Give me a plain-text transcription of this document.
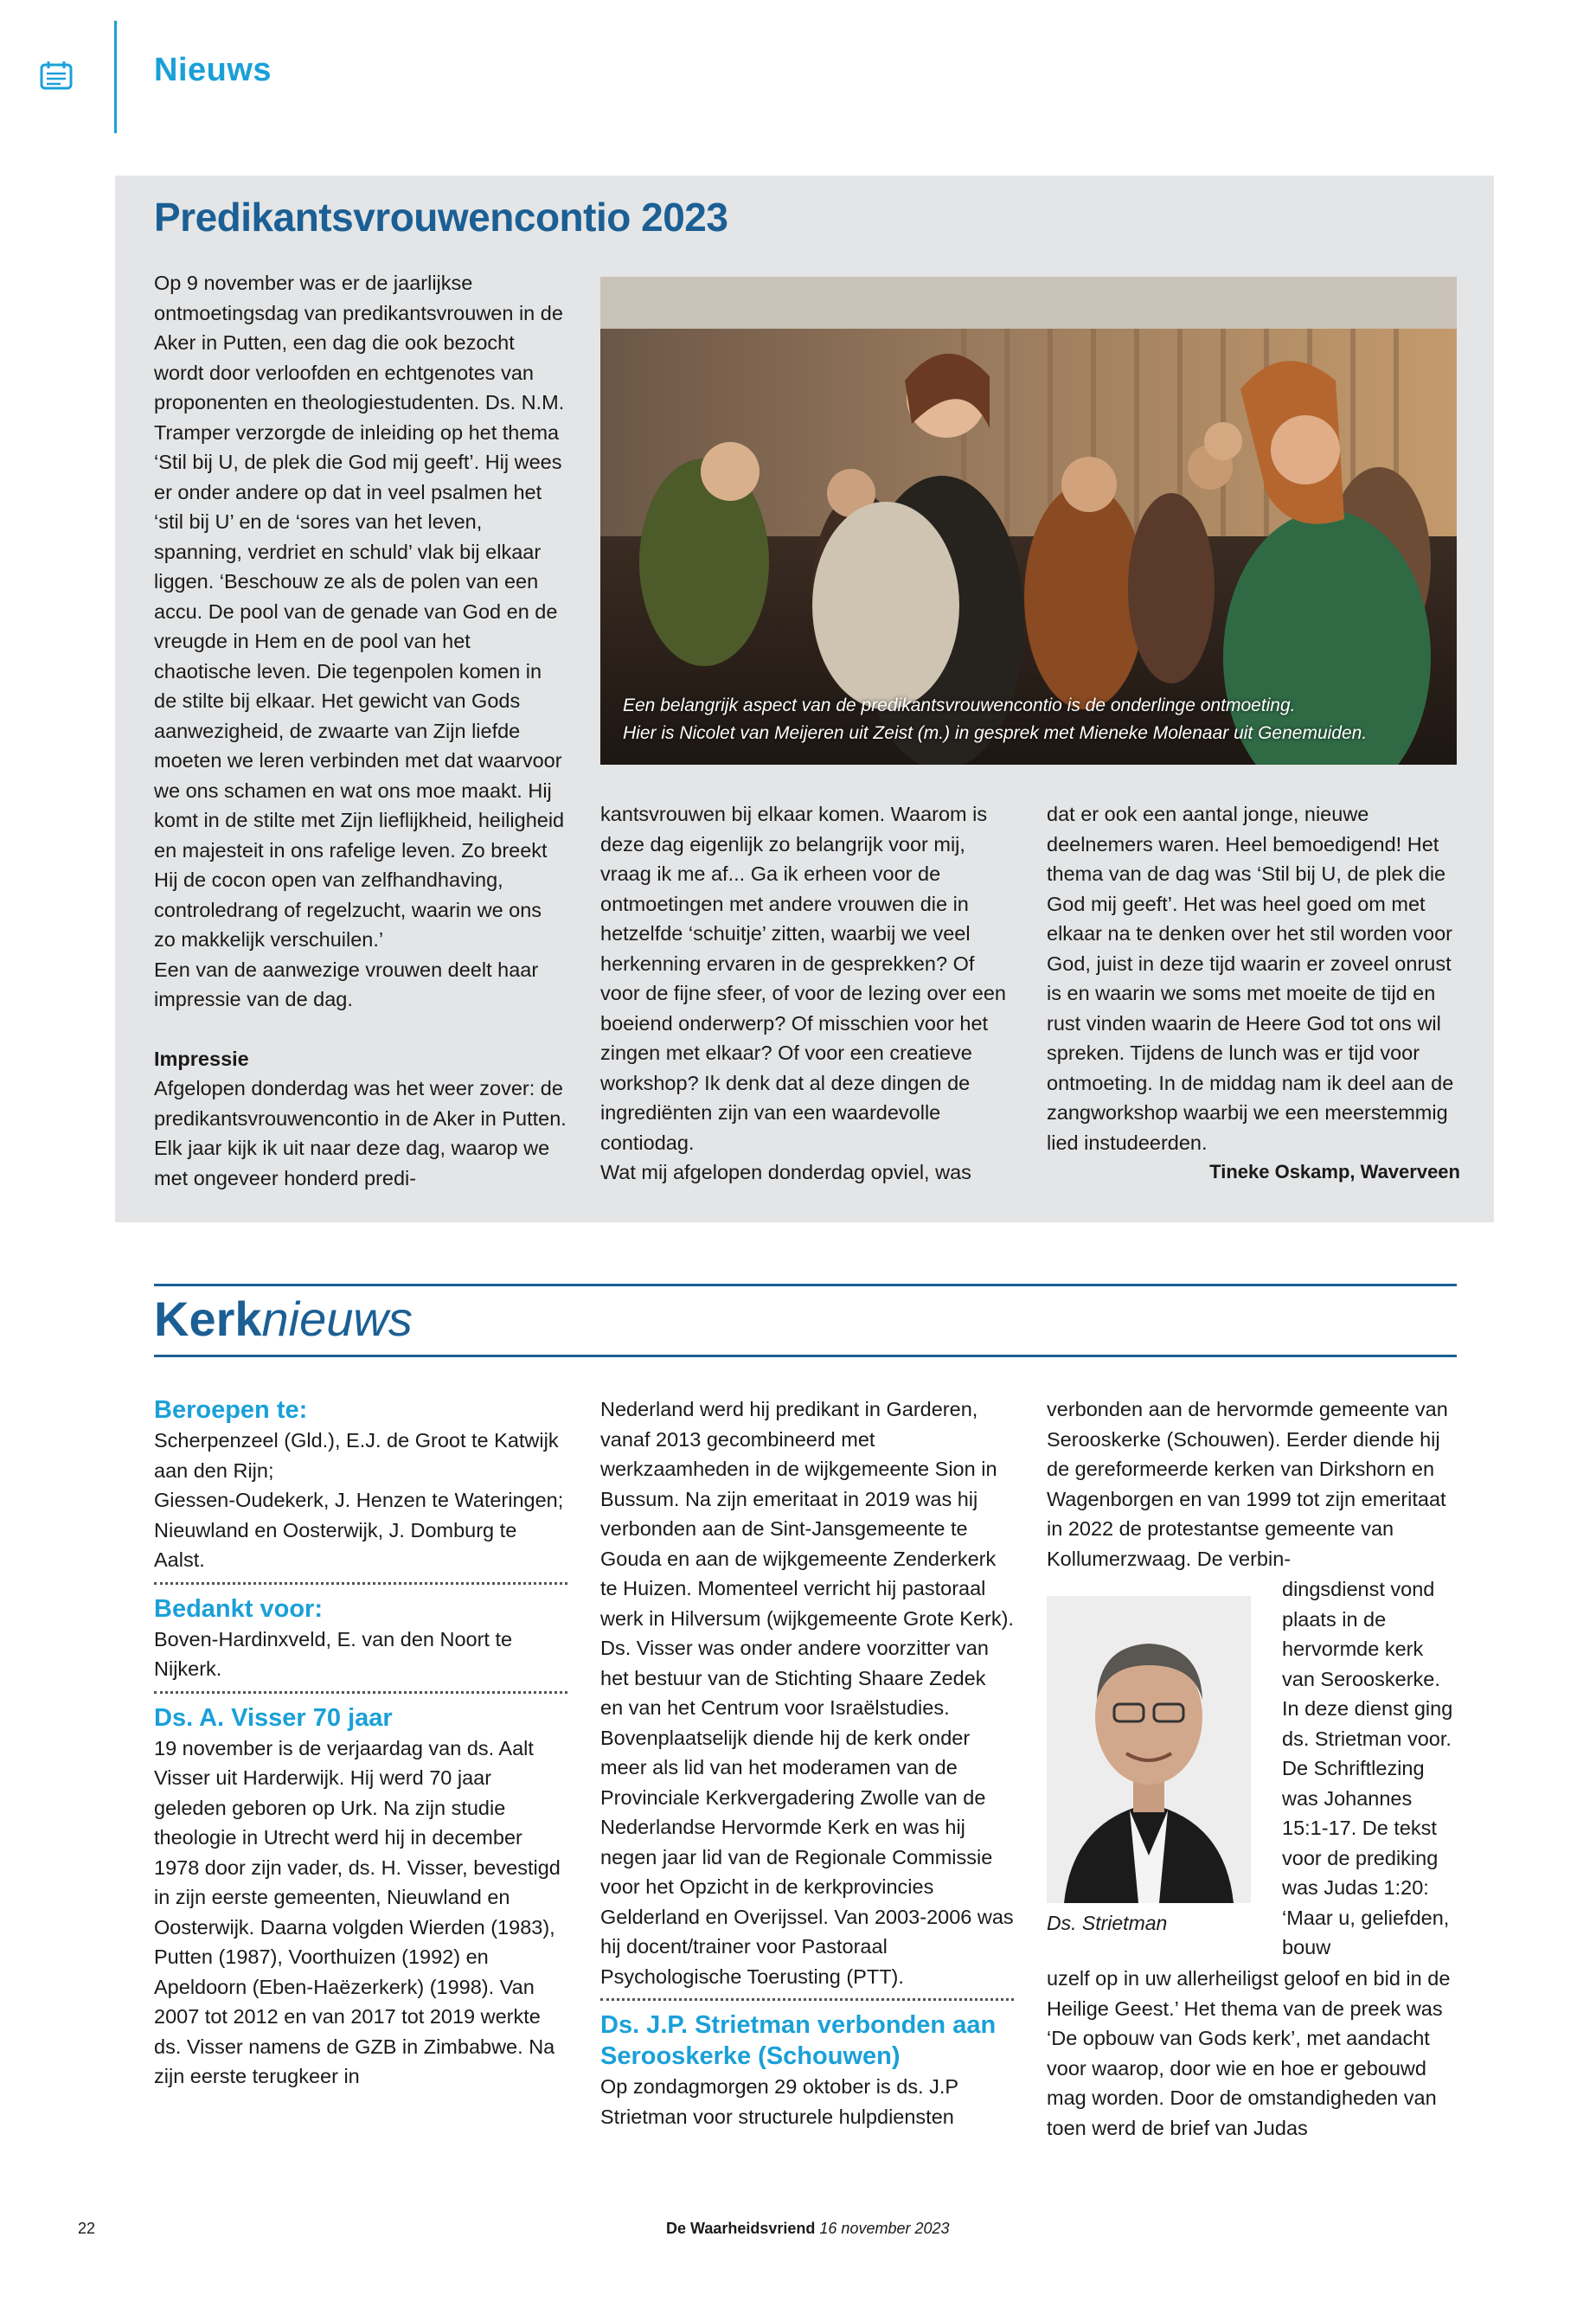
Nieuws
Predikantsvrouwencontio 2023

Op 9 november was er de jaarlijkse ontmoetingsdag van predikantsvrouwen in de Aker in Putten, een dag die ook bezocht wordt door verloofden en echtgenotes van proponenten en theologiestudenten. Ds. N.M. Tramper verzorgde de inleiding op het thema ‘Stil bij U, de plek die God mij geeft’. Hij wees er onder andere op dat in veel psalmen het ‘stil bij U’ en de ‘sores van het leven, spanning, verdriet en schuld’ vlak bij elkaar liggen. ‘Beschouw ze als de polen van een accu. De pool van de genade van God en de vreugde in Hem en de pool van het chaotische leven. Die tegenpolen komen in de stilte bij elkaar. Het gewicht van Gods aanwezigheid, de zwaarte van Zijn liefde moeten we leren verbinden met dat waarvoor we ons schamen en wat ons moe maakt. Hij komt in de stilte met Zijn lieflijkheid, heiligheid en majesteit in ons rafelige leven. Zo breekt Hij de cocon open van zelfhandhaving, controledrang of regelzucht, waarin we ons zo makkelijk verschuilen.’

Een van de aanwezige vrouwen deelt haar impressie van de dag.

Impressie

Afgelopen donderdag was het weer zover: de predikantsvrouwencontio in de Aker in Putten. Elk jaar kijk ik uit naar deze dag, waarop we met ongeveer honderd predi-

Een belangrijk aspect van de predikantsvrouwencontio is de onderlinge ontmoeting.
Hier is Nicolet van Meijeren uit Zeist (m.) in gesprek met Mieneke Molenaar uit Genemuiden.

kantsvrouwen bij elkaar komen. Waarom is deze dag eigenlijk zo belangrijk voor mij, vraag ik me af... Ga ik erheen voor de ontmoetingen met andere vrouwen die in hetzelfde ‘schuitje’ zitten, waarbij we veel herkenning ervaren in de gesprekken? Of voor de fijne sfeer, of voor de lezing over een boeiend onderwerp? Of misschien voor het zingen met elkaar? Of voor een creatieve workshop? Ik denk dat al deze dingen de ingrediënten zijn van een waardevolle contiodag.

Wat mij afgelopen donderdag opviel, was

dat er ook een aantal jonge, nieuwe deelnemers waren. Heel bemoedigend! Het thema van de dag was ‘Stil bij U, de plek die God mij geeft’. Het was heel goed om met elkaar na te denken over het stil worden voor God, juist in deze tijd waarin er zoveel onrust is en waarin we soms met moeite de tijd en rust vinden waarin de Heere God tot ons wil spreken. Tijdens de lunch was er tijd voor ontmoeting. In de middag nam ik deel aan de zangworkshop waarbij we een meerstemmig lied instudeerden.

Tineke Oskamp, Waverveen
Kerknieuws

Beroepen te:

Scherpenzeel (Gld.), E.J. de Groot te Katwijk aan den Rijn;

Giessen-Oudekerk, J. Henzen te Wateringen;

Nieuwland en Oosterwijk, J. Domburg te Aalst.

Bedankt voor:

Boven-Hardinxveld, E. van den Noort te Nijkerk.

Ds. A. Visser 70 jaar

19 november is de verjaardag van ds. Aalt Visser uit Harderwijk. Hij werd 70 jaar geleden geboren op Urk. Na zijn studie theologie in Utrecht werd hij in december 1978 door zijn vader, ds. H. Visser, bevestigd in zijn eerste gemeenten, Nieuwland en Oosterwijk. Daarna volgden Wierden (1983), Putten (1987), Voorthuizen (1992) en Apeldoorn (Eben-Haëzerkerk) (1998). Van 2007 tot 2012 en van 2017 tot 2019 werkte ds. Visser namens de GZB in Zimbabwe. Na zijn eerste terugkeer in

Nederland werd hij predikant in Garderen, vanaf 2013 gecombineerd met werkzaamheden in de wijkgemeente Sion in Bussum. Na zijn emeritaat in 2019 was hij verbonden aan de Sint-Jansgemeente te Gouda en aan de wijkgemeente Zenderkerk te Huizen. Momenteel verricht hij pastoraal werk in Hilversum (wijkgemeente Grote Kerk).

Ds. Visser was onder andere voorzitter van het bestuur van de Stichting Shaare Zedek en van het Centrum voor Israëlstudies. Bovenplaatselijk diende hij de kerk onder meer als lid van het moderamen van de Provinciale Kerkvergadering Zwolle van de Nederlandse Hervormde Kerk en was hij negen jaar lid van de Regionale Commissie voor het Opzicht in de kerkprovincies Gelderland en Overijssel. Van 2003-2006 was hij docent/trainer voor Pastoraal Psychologische Toerusting (PTT).

Ds. J.P. Strietman verbonden aan Serooskerke (Schouwen)

Op zondagmorgen 29 oktober is ds. J.P Strietman voor structurele hulpdiensten

verbonden aan de hervormde gemeente van Serooskerke (Schouwen). Eerder diende hij de gereformeerde kerken van Dirkshorn en Wagenborgen en van 1999 tot zijn emeritaat in 2022 de protestantse gemeente van Kollumerzwaag. De verbin-

Ds. Strietman
dingsdienst vond plaats in de hervormde kerk van Serooskerke. In deze dienst ging ds. Strietman voor. De Schriftlezing was Johannes 15:1-17. De tekst voor de prediking was Judas 1:20: ‘Maar u, geliefden, bouw
uzelf op in uw allerheiligst geloof en bid in de Heilige Geest.’ Het thema van de preek was ‘De opbouw van Gods kerk’, met aandacht voor waarop, door wie en hoe er gebouwd mag worden. Door de omstandigheden van toen werd de brief van Judas
22	De Waarheidsvriend 16 november 2023
